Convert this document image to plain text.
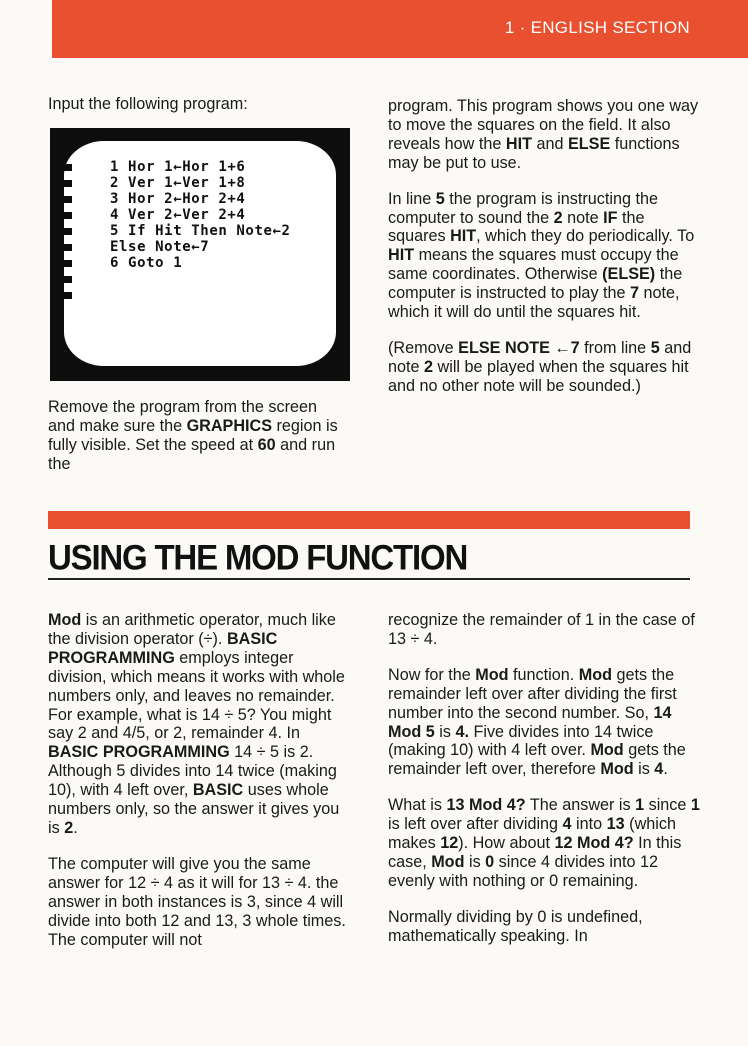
1 · ENGLISH SECTION

Input the following program:

1 Hor 1←Hor 1+6
2 Ver 1←Ver 1+8
3 Hor 2←Hor 2+4
4 Ver 2←Ver 2+4
5 If Hit Then Note←2
Else Note←7
6 Goto 1

Remove the program from the screen and make sure the GRAPHICS region is fully visible. Set the speed at 60 and run the

program. This program shows you one way to move the squares on the field. It also reveals how the HIT and ELSE functions may be put to use.

In line 5 the program is instructing the computer to sound the 2 note IF the squares HIT, which they do periodically. To HIT means the squares must occupy the same coordinates. Otherwise (ELSE) the computer is instructed to play the 7 note, which it will do until the squares hit.

(Remove ELSE NOTE ←7 from line 5 and note 2 will be played when the squares hit and no other note will be sounded.)

USING THE MOD FUNCTION

Mod is an arithmetic operator, much like the division operator (÷). BASIC PROGRAMMING employs integer division, which means it works with whole numbers only, and leaves no remainder. For example, what is 14 ÷ 5? You might say 2 and 4/5, or 2, remainder 4. In BASIC PROGRAMMING 14 ÷ 5 is 2. Although 5 divides into 14 twice (making 10), with 4 left over, BASIC uses whole numbers only, so the answer it gives you is 2.

The computer will give you the same answer for 12 ÷ 4 as it will for 13 ÷ 4. the answer in both instances is 3, since 4 will divide into both 12 and 13, 3 whole times. The computer will not

recognize the remainder of 1 in the case of 13 ÷ 4.

Now for the Mod function. Mod gets the remainder left over after dividing the first number into the second number. So, 14 Mod 5 is 4. Five divides into 14 twice (making 10) with 4 left over. Mod gets the remainder left over, therefore Mod is 4.

What is 13 Mod 4? The answer is 1 since 1 is left over after dividing 4 into 13 (which makes 12). How about 12 Mod 4? In this case, Mod is 0 since 4 divides into 12 evenly with nothing or 0 remaining.

Normally dividing by 0 is undefined, mathematically speaking. In
